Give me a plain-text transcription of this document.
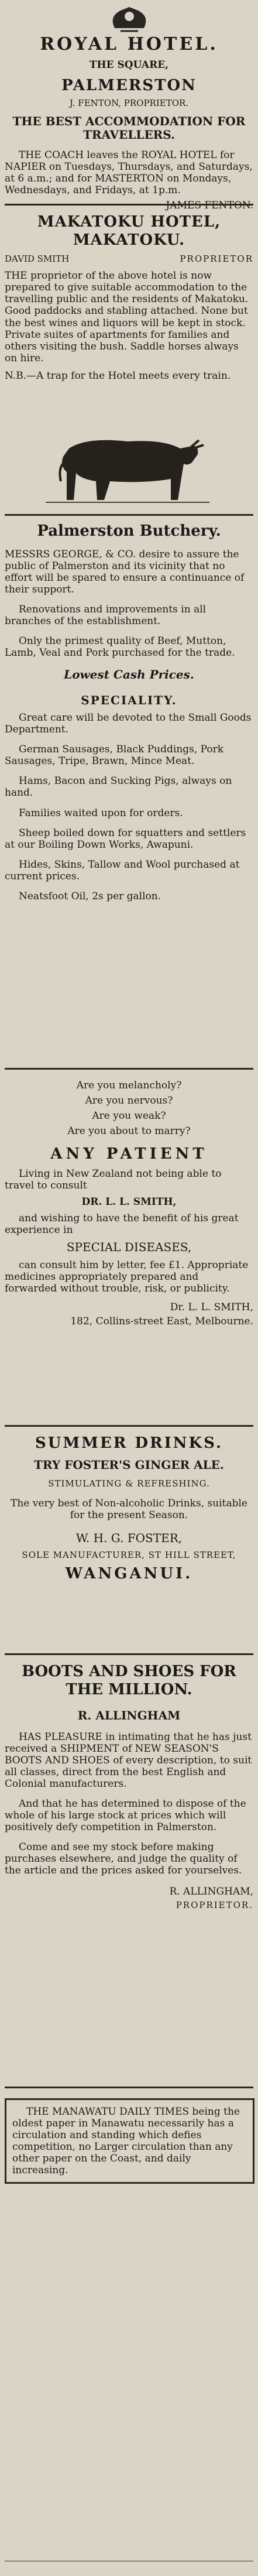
ROYAL HOTEL.

THE SQUARE,

PALMERSTON

J. FENTON, PROPRIETOR.

THE BEST ACCOMMODATION FOR TRAVELLERS.

THE COACH leaves the ROYAL HOTEL for NAPIER on Tuesdays, Thursdays, and Saturdays, at 6 a.m.; and for MASTERTON on Mondays, Wednesdays, and Fridays, at 1p.m.

JAMES FENTON.

MAKATOKU HOTEL, MAKATOKU.

DAVID SMITH	PROPRIETOR

THE proprietor of the above hotel is now prepared to give suitable accommodation to the travelling public and the residents of Makatoku. Good paddocks and stabling attached. None but the best wines and liquors will be kept in stock. Private suites of apartments for families and others visiting the bush. Saddle horses always on hire.

N.B.—A trap for the Hotel meets every train.

Palmerston Butchery.

MESSRS GEORGE, & CO. desire to assure the public of Palmerston and its vicinity that no effort will be spared to ensure a continuance of their support.

Renovations and improvements in all branches of the establishment.

Only the primest quality of Beef, Mutton, Lamb, Veal and Pork purchased for the trade.

Lowest Cash Prices.

SPECIALITY.

Great care will be devoted to the Small Goods Department.

German Sausages, Black Puddings, Pork Sausages, Tripe, Brawn, Mince Meat.

Hams, Bacon and Sucking Pigs, always on hand.

Families waited upon for orders.

Sheep boiled down for squatters and settlers at our Boiling Down Works, Awapuni.

Hides, Skins, Tallow and Wool purchased at current prices.

Neatsfoot Oil, 2s per gallon.

Are you melancholy?

Are you nervous?

Are you weak?

Are you about to marry?

ANY PATIENT

Living in New Zealand not being able to travel to consult

DR. L. L. SMITH,

and wishing to have the benefit of his great experience in

SPECIAL DISEASES,

can consult him by letter, fee £1. Appropriate medicines appropriately prepared and forwarded without trouble, risk, or publicity.

Dr. L. L. SMITH,

182, Collins-street East, Melbourne.

SUMMER DRINKS.

TRY FOSTER'S GINGER ALE.

STIMULATING & REFRESHING.

The very best of Non-alcoholic Drinks, suitable for the present Season.

W. H. G. FOSTER,

SOLE MANUFACTURER, ST HILL STREET,

WANGANUI.

BOOTS AND SHOES FOR THE MILLION.

R. ALLINGHAM

HAS PLEASURE in intimating that he has just received a SHIPMENT of NEW SEASON'S BOOTS AND SHOES of every description, to suit all classes, direct from the best English and Colonial manufacturers.

And that he has determined to dispose of the whole of his large stock at prices which will positively defy competition in Palmerston.

Come and see my stock before making purchases elsewhere, and judge the quality of the article and the prices asked for yourselves.

R. ALLINGHAM,

PROPRIETOR.

THE MANAWATU DAILY TIMES being the oldest paper in Manawatu necessarily has a circulation and standing which defies competition, no Larger circulation than any other paper on the Coast, and daily increasing.
